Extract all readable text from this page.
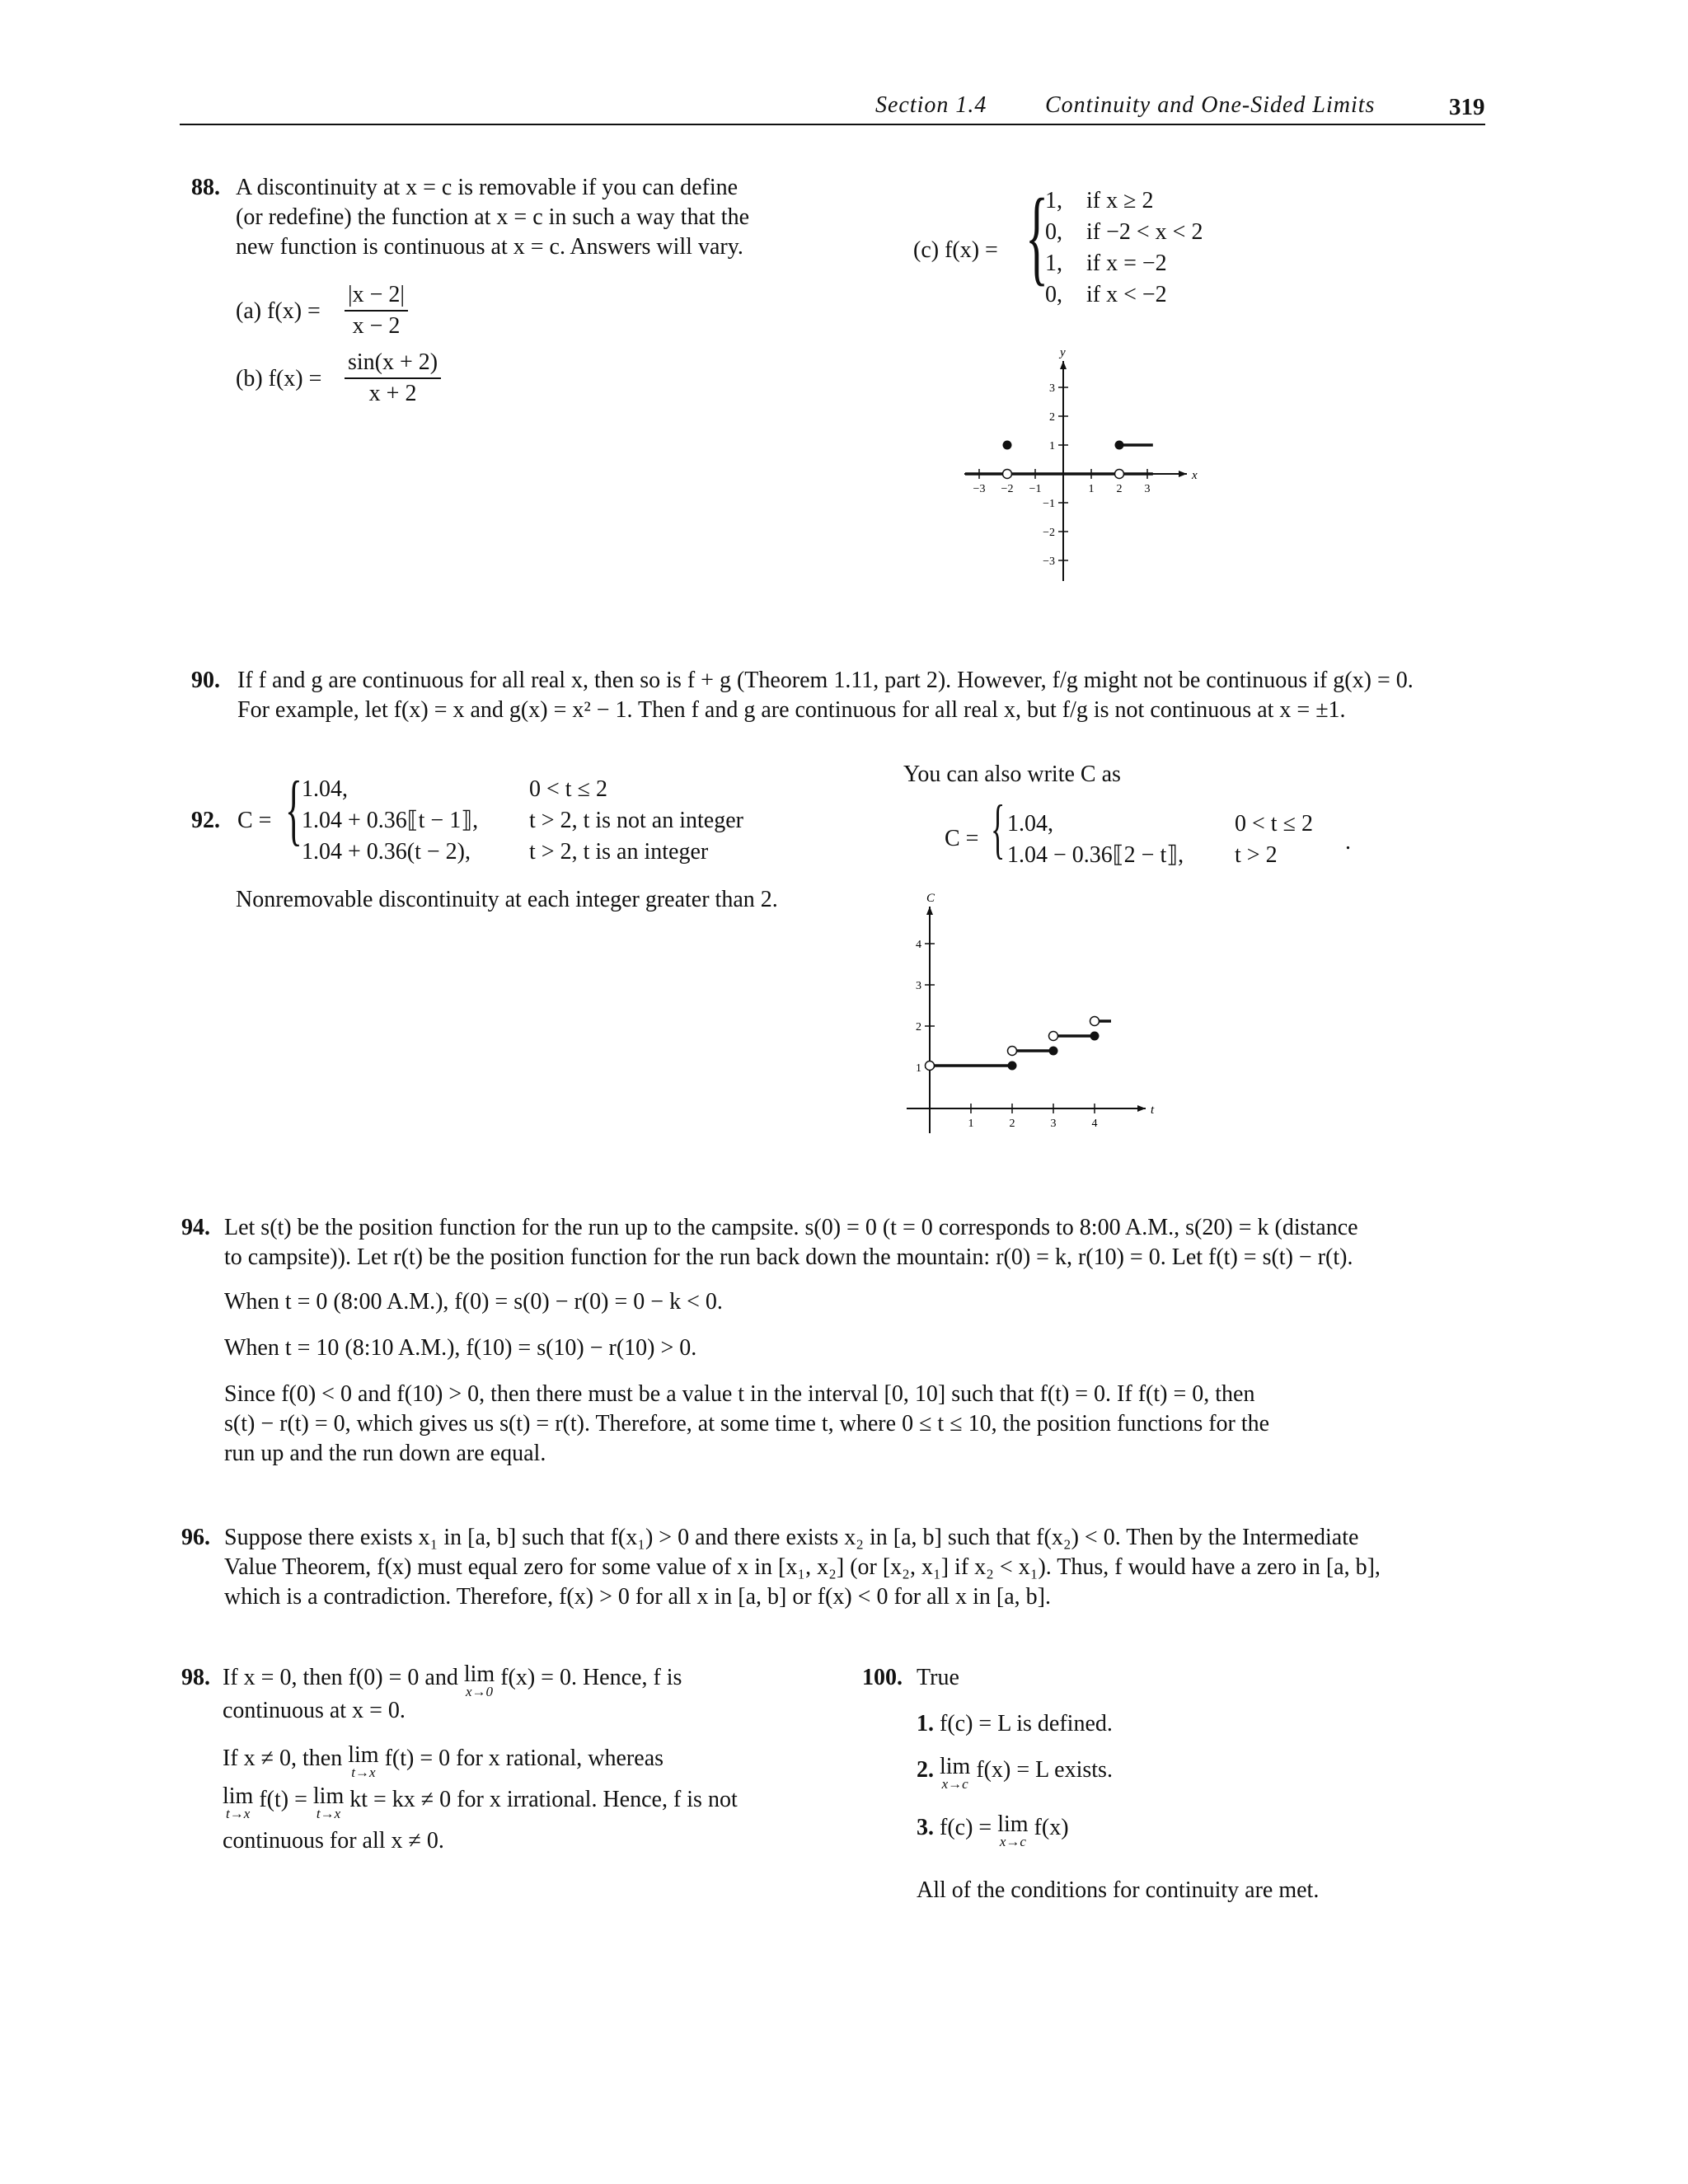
Section 1.4	Continuity and One-Sided Limits	319
88. A discontinuity at x = c is removable if you can define
(or redefine) the function at x = c in such a way that the
new function is continuous at x = c. Answers will vary.
(a) $f(x) = \frac{|x - 2|}{x - 2}$
(b) $f(x) = \frac{\sin(x + 2)}{x + 2}$
(c) f(x) = {
1, if x ≥ 2
0, if −2 < x < 2
1, if x = −2
0, if x < −2
x
y
−3 −2 −1	1 2 3
3
2
1
−1
−2
−3
90. If f and g are continuous for all real x, then so is f + g (Theorem 1.11, part 2). However, f/g might not be continuous if g(x) = 0.
For example, let f(x) = x and g(x) = x² − 1. Then f and g are continuous for all real x, but f/g is not continuous at x = ±1.
92. C = { 1.04,	0 < t ≤ 2
1.04 + 0.36⟦t − 1⟧, t > 2, t is not an integer
1.04 + 0.36(t − 2),	t > 2, t is an integer
Nonremovable discontinuity at each integer greater than 2.
You can also write C as
C = { 1.04,	0 < t ≤ 2
1.04 − 0.36⟦2 − t⟧, t > 2
.
t
C
1	2	3	4
4
3
2
1
94. Let s(t) be the position function for the run up to the campsite. s(0) = 0 (t = 0 corresponds to 8:00 A.M., s(20) = k (distance
to campsite)). Let r(t) be the position function for the run back down the mountain: r(0) = k, r(10) = 0. Let f(t) = s(t) − r(t).
When t = 0 (8:00 A.M.), f(0) = s(0) − r(0) = 0 − k < 0.
When t = 10 (8:10 A.M.), f(10) = s(10) − r(10) > 0.
Since f(0) < 0 and f(10) > 0, then there must be a value t in the interval [0, 10] such that f(t) = 0. If f(t) = 0, then
s(t) − r(t) = 0, which gives us s(t) = r(t). Therefore, at some time t, where 0 ≤ t ≤ 10, the position functions for the
run up and the run down are equal.
96. Suppose there exists x₁ in [a, b] such that f(x₁) > 0 and there exists x₂ in [a, b] such that f(x₂) < 0. Then by the Intermediate
Value Theorem, f(x) must equal zero for some value of x in [x₁, x₂] (or [x₂, x₁] if x₂ < x₁). Thus, f would have a zero in [a, b],
which is a contradiction. Therefore, f(x) > 0 for all x in [a, b] or f(x) < 0 for all x in [a, b].
98. If x = 0, then f(0) = 0 and lim
x→0
f(x) = 0. Hence, f is
continuous at x = 0.
If x ≠ 0, then lim
t→x
f(t) = 0 for x rational, whereas
lim
t→x
f(t) = lim
t→x
kt = kx ≠ 0 for x irrational. Hence, f is not
continuous for all x ≠ 0.
100. True
1. f(c) = L is defined.
2. lim
x→c
f(x) = L exists.
3. f(c) = lim
x→c
f(x)
All of the conditions for continuity are met.
